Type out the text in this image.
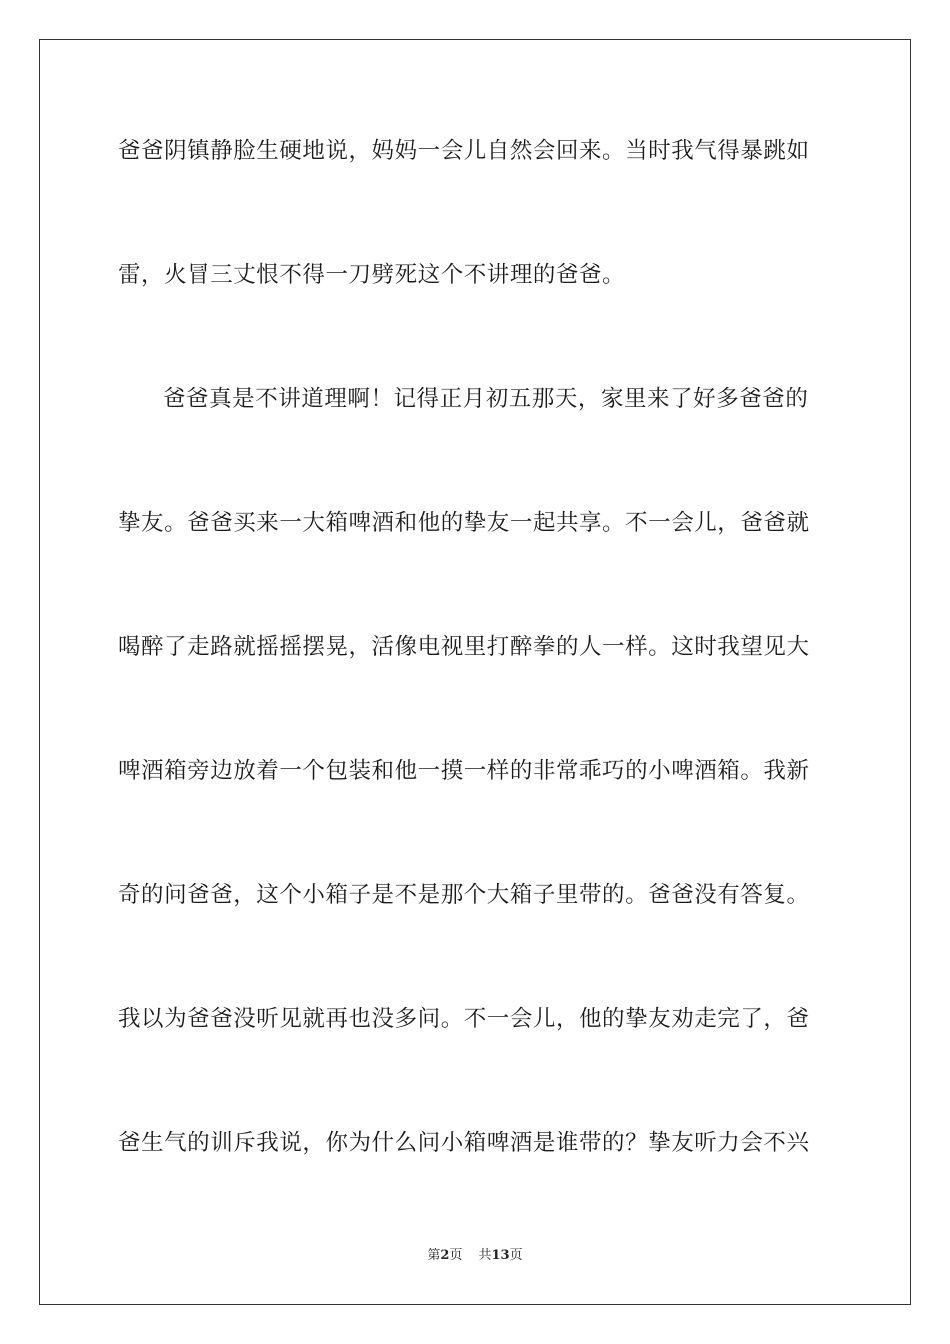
爸爸阴镇静脸生硬地说，妈妈一会儿自然会回来。当时我气得暴跳如
雷，火冒三丈恨不得一刀劈死这个不讲理的爸爸。
爸爸真是不讲道理啊！记得正月初五那天，家里来了好多爸爸的
挚友。爸爸买来一大箱啤酒和他的挚友一起共享。不一会儿，爸爸就
喝醉了走路就摇摇摆晃，活像电视里打醉拳的人一样。这时我望见大
啤酒箱旁边放着一个包装和他一摸一样的非常乖巧的小啤酒箱。我新
奇的问爸爸，这个小箱子是不是那个大箱子里带的。爸爸没有答复。
我以为爸爸没听见就再也没多问。不一会儿，他的挚友劝走完了，爸
爸生气的训斥我说，你为什么问小箱啤酒是谁带的？挚友听力会不兴
第2页 共13页
